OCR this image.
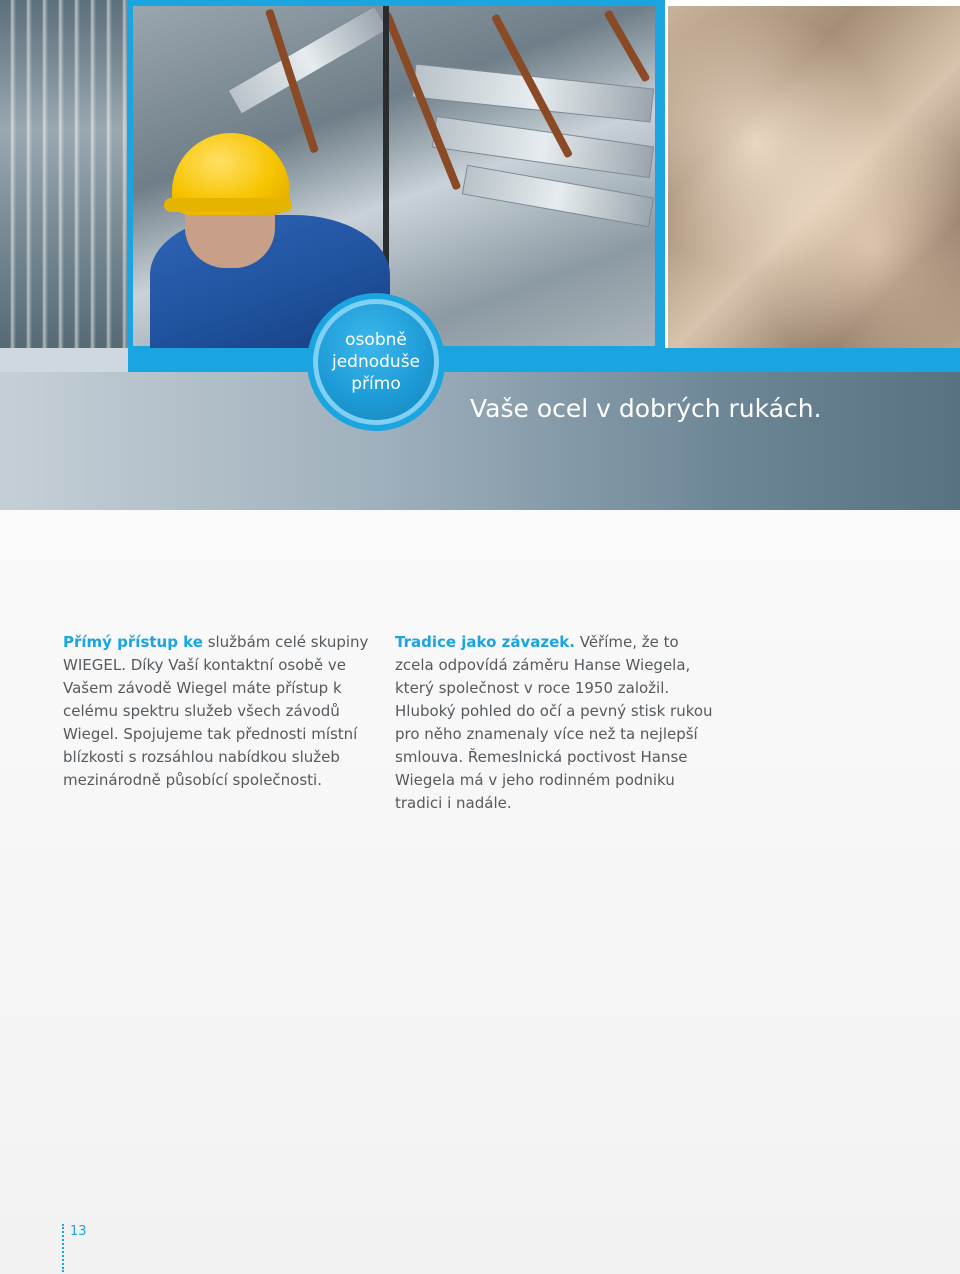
osobně
jednoduše
přímo
Vaše ocel v dobrých rukách.

Přímý přístup ke službám celé skupiny WIEGEL. Díky Vaší kontaktní osobě ve Vašem závodě Wiegel máte přístup k celému spektru služeb všech závodů Wiegel. Spojujeme tak přednosti místní blízkosti s rozsáhlou nabídkou služeb mezinárodně působící společnosti.

Tradice jako závazek. Věříme, že to zcela odpovídá záměru Hanse Wiegela, který společnost v roce 1950 založil. Hluboký pohled do očí a pevný stisk rukou pro něho znamenaly více než ta nejlepší smlouva. Řemeslnická poctivost Hanse Wiegela má v jeho rodinném podniku tradici i nadále.

13
